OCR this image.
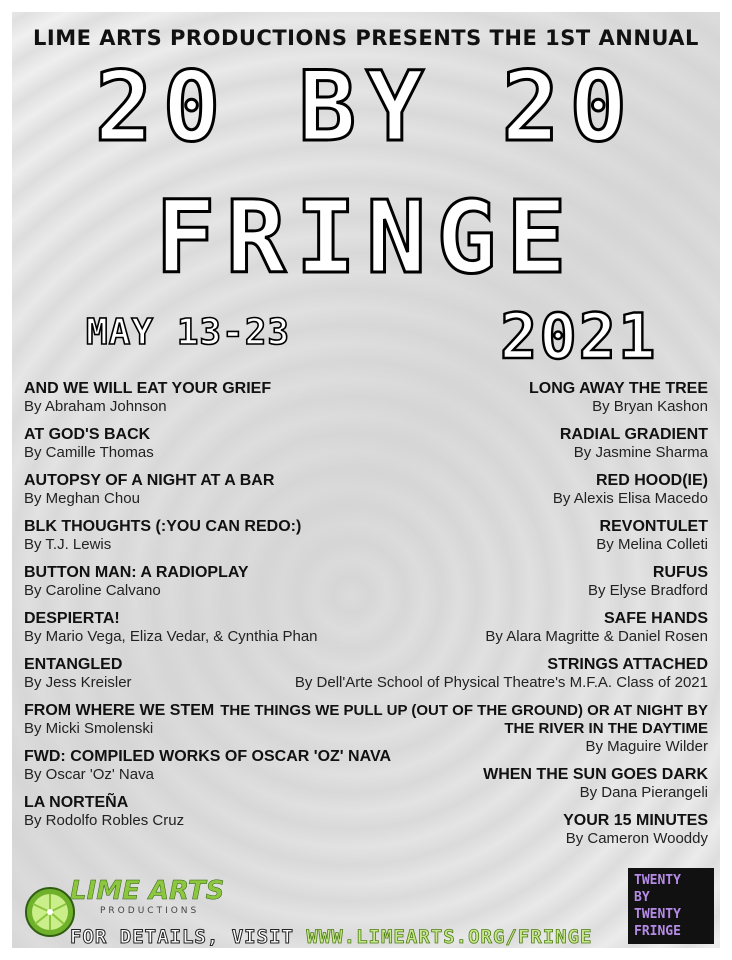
LIME ARTS PRODUCTIONS PRESENTS THE 1ST ANNUAL
20 BY 20
FRINGE
MAY 13-23	2021
AND WE WILL EAT YOUR GRIEF
By Abraham Johnson
AT GOD'S BACK
By Camille Thomas
AUTOPSY OF A NIGHT AT A BAR
By Meghan Chou
BLK THOUGHTS (:YOU CAN REDO:)
By T.J. Lewis
BUTTON MAN: A RADIOPLAY
By Caroline Calvano
DESPIERTA!
By Mario Vega, Eliza Vedar, & Cynthia Phan
ENTANGLED
By Jess Kreisler
FROM WHERE WE STEM
By Micki Smolenski
FWD: COMPILED WORKS OF OSCAR 'OZ' NAVA
By Oscar 'Oz' Nava
LA NORTEÑA
By Rodolfo Robles Cruz
LONG AWAY THE TREE
By Bryan Kashon
RADIAL GRADIENT
By Jasmine Sharma
RED HOOD(IE)
By Alexis Elisa Macedo
REVONTULET
By Melina Colleti
RUFUS
By Elyse Bradford
SAFE HANDS
By Alara Magritte & Daniel Rosen
STRINGS ATTACHED
By Dell'Arte School of Physical Theatre's M.F.A. Class of 2021
THE THINGS WE PULL UP (OUT OF THE GROUND) OR AT NIGHT BY THE RIVER IN THE DAYTIME
By Maguire Wilder
WHEN THE SUN GOES DARK
By Dana Pierangeli
YOUR 15 MINUTES
By Cameron Wooddy
LIME ARTS
PRODUCTIONS
FOR DETAILS, VISIT WWW.LIMEARTS.ORG/FRINGE
TWENTY
BY
TWENTY
FRINGE
